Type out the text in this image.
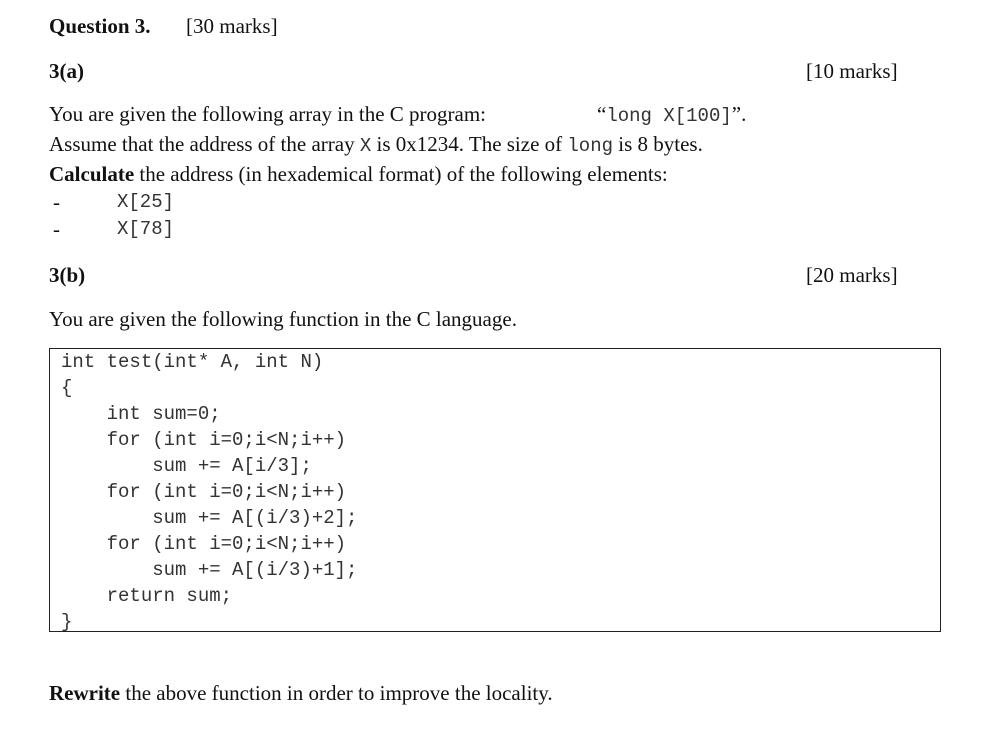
Question 3. [30 marks]
3(a)	[10 marks]
You are given the following array in the C program:	“long X[100]”.
Assume that the address of the array X is 0x1234. The size of long is 8 bytes.
Calculate the address (in hexademical format) of the following elements:
-	X[25]
-	X[78]
3(b)	[20 marks]
You are given the following function in the C language.
int test(int* A, int N)
{
int sum=0;
for (int i=0;i<N;i++)
sum += A[i/3];
for (int i=0;i<N;i++)
sum += A[(i/3)+2];
for (int i=0;i<N;i++)
sum += A[(i/3)+1];
return sum;
}
Rewrite the above function in order to improve the locality.
